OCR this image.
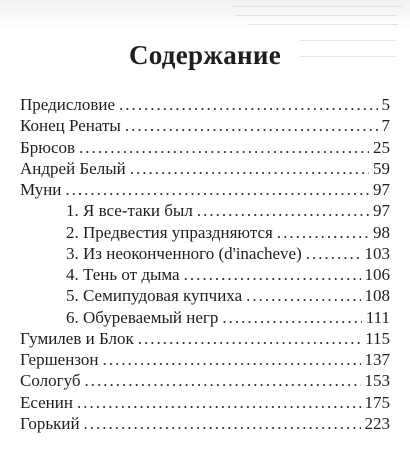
Содержание
Предисловие .....	5
Конец Ренаты .....	7
Брюсов .....	25
Андрей Белый .....	59
Муни .....	97
1. Я все-таки был .....	97
2. Предвестия упраздняются .....	98
3. Из неоконченного (d'inacheve) .....	103
4. Тень от дыма .....	106
5. Семипудовая купчиха .....	108
6. Обуреваемый негр .....	111
Гумилев и Блок .....	115
Гершензон .....	137
Сологуб .....	153
Есенин .....	175
Горький .....	223
